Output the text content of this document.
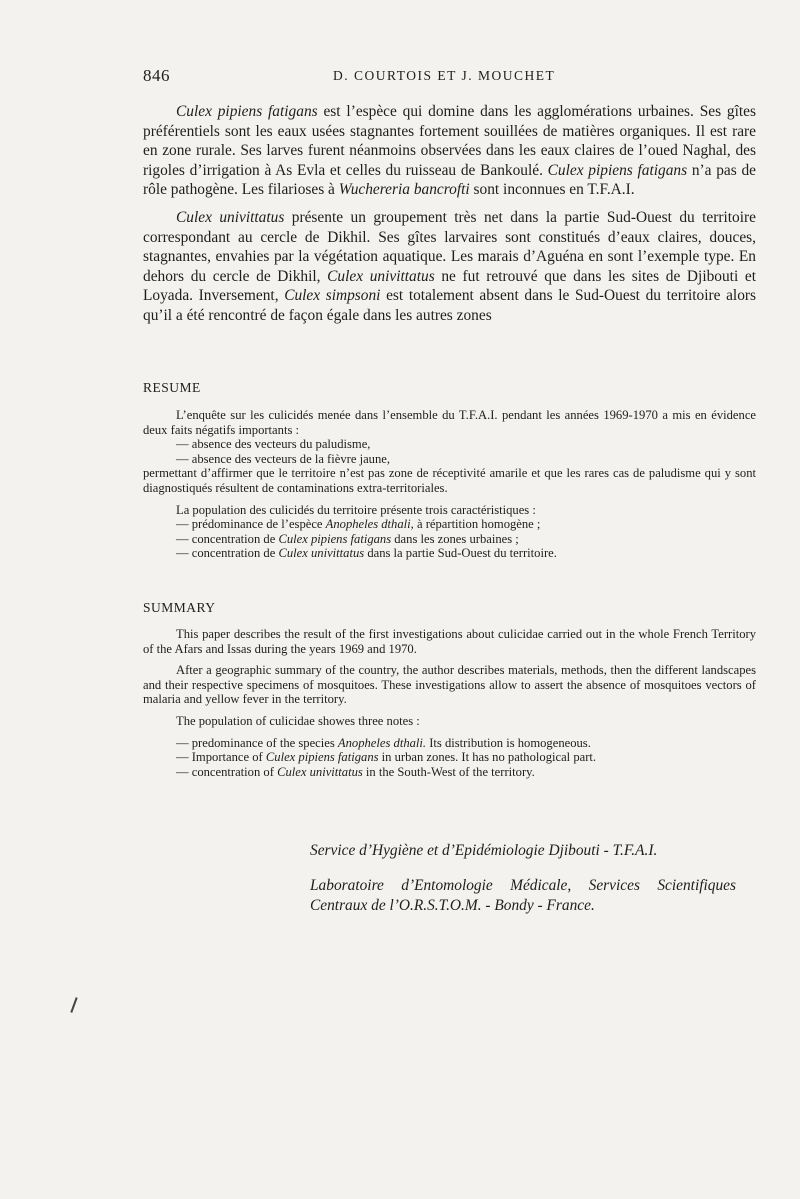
846	D. COURTOIS ET J. MOUCHET

Culex pipiens fatigans est l’espèce qui domine dans les agglomérations urbaines. Ses gîtes préférentiels sont les eaux usées stagnantes fortement souillées de matières organiques. Il est rare en zone rurale. Ses larves furent néanmoins observées dans les eaux claires de l’oued Naghal, des rigoles d’irrigation à As Evla et celles du ruisseau de Bankoulé. Culex pipiens fatigans n’a pas de rôle pathogène. Les filarioses à Wuchereria bancrofti sont inconnues en T.F.A.I.

Culex univittatus présente un groupement très net dans la partie Sud-Ouest du territoire correspondant au cercle de Dikhil. Ses gîtes larvaires sont constitués d’eaux claires, douces, stagnantes, envahies par la végétation aquatique. Les marais d’Aguéna en sont l’exemple type. En dehors du cercle de Dikhil, Culex univittatus ne fut retrouvé que dans les sites de Djibouti et Loyada. Inversement, Culex simpsoni est totalement absent dans le Sud-Ouest du territoire alors qu’il a été rencontré de façon égale dans les autres zones

RESUME

L’enquête sur les culicidés menée dans l’ensemble du T.F.A.I. pendant les années 1969-1970 a mis en évidence deux faits négatifs importants :

— absence des vecteurs du paludisme,

— absence des vecteurs de la fièvre jaune,

permettant d’affirmer que le territoire n’est pas zone de réceptivité amarile et que les rares cas de paludisme qui y sont diagnostiqués résultent de contaminations extra-territoriales.

La population des culicidés du territoire présente trois caractéristiques :

— prédominance de l’espèce Anopheles dthali, à répartition homogène ;

— concentration de Culex pipiens fatigans dans les zones urbaines ;

— concentration de Culex univittatus dans la partie Sud-Ouest du territoire.

SUMMARY

This paper describes the result of the first investigations about culicidae carried out in the whole French Territory of the Afars and Issas during the years 1969 and 1970.

After a geographic summary of the country, the author describes materials, methods, then the different landscapes and their respective specimens of mosquitoes. These investigations allow to assert the absence of mosquitoes vectors of malaria and yellow fever in the territory.

The population of culicidae showes three notes :

— predominance of the species Anopheles dthali. Its distribution is homogeneous.

— Importance of Culex pipiens fatigans in urban zones. It has no pathological part.

— concentration of Culex univittatus in the South-West of the territory.

Service d’Hygiène et d’Epidémiologie Djibouti - T.F.A.I.

Laboratoire d’Entomologie Médicale, Services Scientifiques Centraux de l’O.R.S.T.O.M. - Bondy - France.
